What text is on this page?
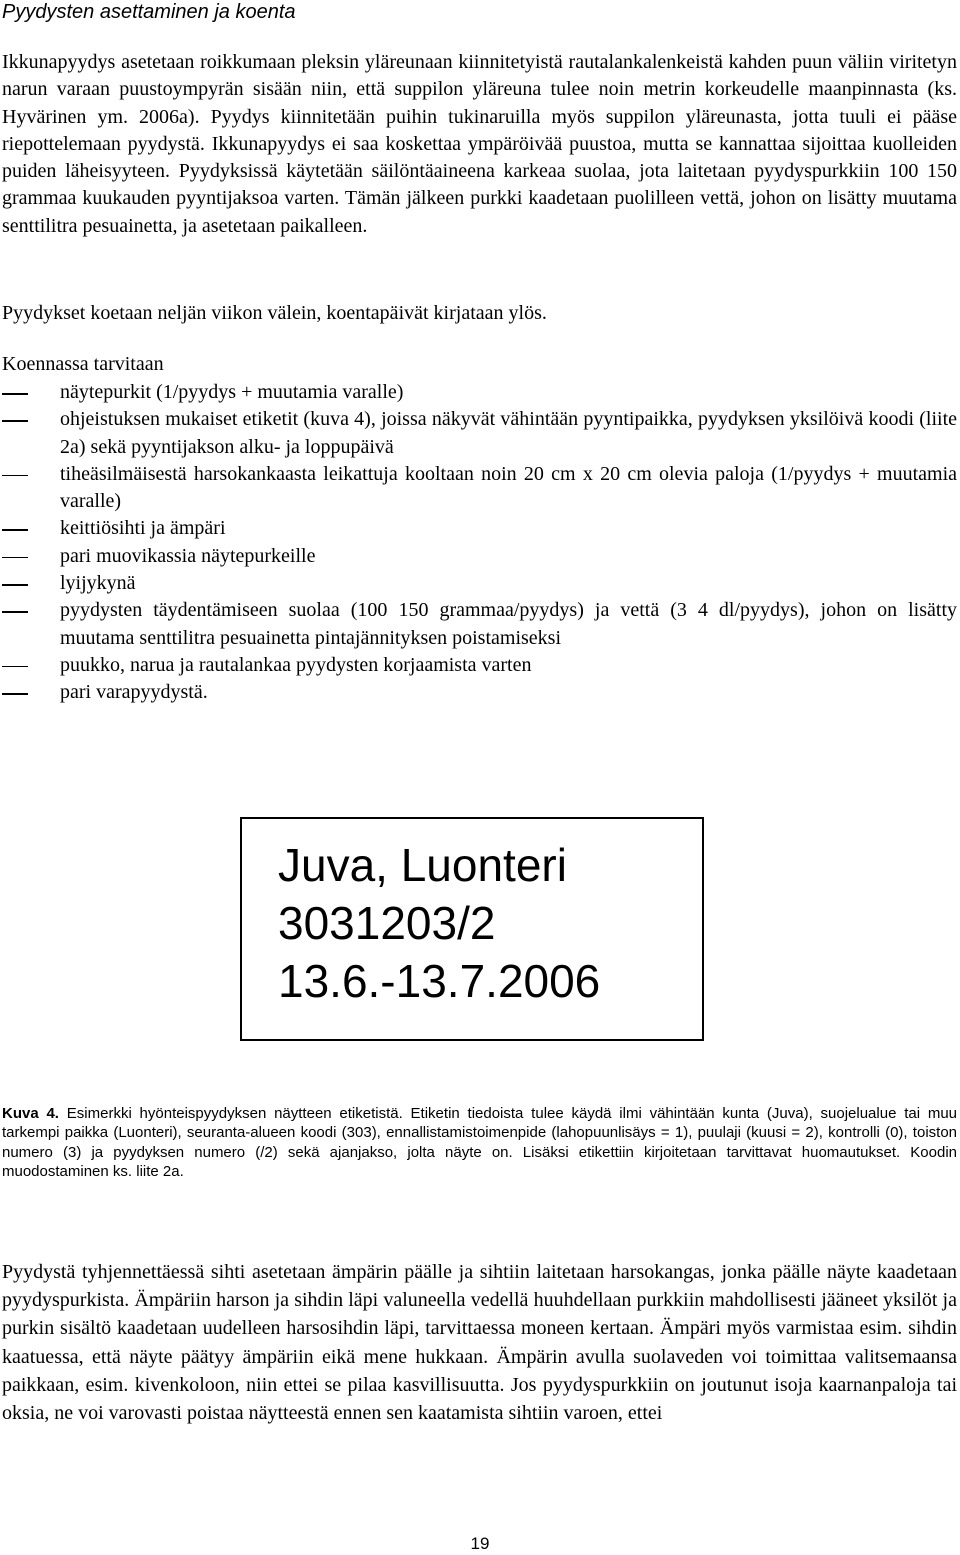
Pyydysten asettaminen ja koenta

Ikkunapyydys asetetaan roikkumaan pleksin yläreunaan kiinnitetyistä rautalankalenkeistä kahden puun väliin viritetyn narun varaan puustoympyrän sisään niin, että suppilon yläreuna tulee noin metrin korkeudelle maanpinnasta (ks. Hyvärinen ym. 2006a). Pyydys kiinnitetään puihin tukinaruilla myös suppilon yläreunasta, jotta tuuli ei pääse riepottelemaan pyydystä. Ikkunapyydys ei saa koskettaa ympäröivää puustoa, mutta se kannattaa sijoittaa kuolleiden puiden läheisyyteen. Pyydyksissä käytetään säilöntäaineena karkeaa suolaa, jota laitetaan pyydyspurkkiin 100 150 grammaa kuukauden pyyntijaksoa varten. Tämän jälkeen purkki kaadetaan puolilleen vettä, johon on lisätty muutama senttilitra pesuainetta, ja asetetaan paikalleen.

Pyydykset koetaan neljän viikon välein, koentapäivät kirjataan ylös.

Koennassa tarvitaan

näytepurkit (1/pyydys + muutamia varalle)
ohjeistuksen mukaiset etiketit (kuva 4), joissa näkyvät vähintään pyyntipaikka, pyydyksen yksilöivä koodi (liite 2a) sekä pyyntijakson alku- ja loppupäivä
tiheäsilmäisestä harsokankaasta leikattuja kooltaan noin 20 cm x 20 cm olevia paloja (1/pyydys + muutamia varalle)
keittiösihti ja ämpäri
pari muovikassia näytepurkeille
lyijykynä
pyydysten täydentämiseen suolaa (100 150 grammaa/pyydys) ja vettä (3 4 dl/pyydys), johon on lisätty muutama senttilitra pesuainetta pintajännityksen poistamiseksi
puukko, narua ja rautalankaa pyydysten korjaamista varten
pari varapyydystä.
Juva, Luonteri
3031203/2
13.6.-13.7.2006

Kuva 4. Esimerkki hyönteispyydyksen näytteen etiketistä. Etiketin tiedoista tulee käydä ilmi vähintään kunta (Juva), suojelualue tai muu tarkempi paikka (Luonteri), seuranta-alueen koodi (303), ennallistamistoimenpide (lahopuunlisäys = 1), puulaji (kuusi = 2), kontrolli (0), toiston numero (3) ja pyydyksen numero (/2) sekä ajanjakso, jolta näyte on. Lisäksi etikettiin kirjoitetaan tarvittavat huomautukset. Koodin muodostaminen ks. liite 2a.

Pyydystä tyhjennettäessä sihti asetetaan ämpärin päälle ja sihtiin laitetaan harsokangas, jonka päälle näyte kaadetaan pyydyspurkista. Ämpäriin harson ja sihdin läpi valuneella vedellä huuhdellaan purkkiin mahdollisesti jääneet yksilöt ja purkin sisältö kaadetaan uudelleen harsosihdin läpi, tarvittaessa moneen kertaan. Ämpäri myös varmistaa esim. sihdin kaatuessa, että näyte päätyy ämpäriin eikä mene hukkaan. Ämpärin avulla suolaveden voi toimittaa valitsemaansa paikkaan, esim. kivenkoloon, niin ettei se pilaa kasvillisuutta. Jos pyydyspurkkiin on joutunut isoja kaarnanpaloja tai oksia, ne voi varovasti poistaa näytteestä ennen sen kaatamista sihtiin varoen, ettei

19
